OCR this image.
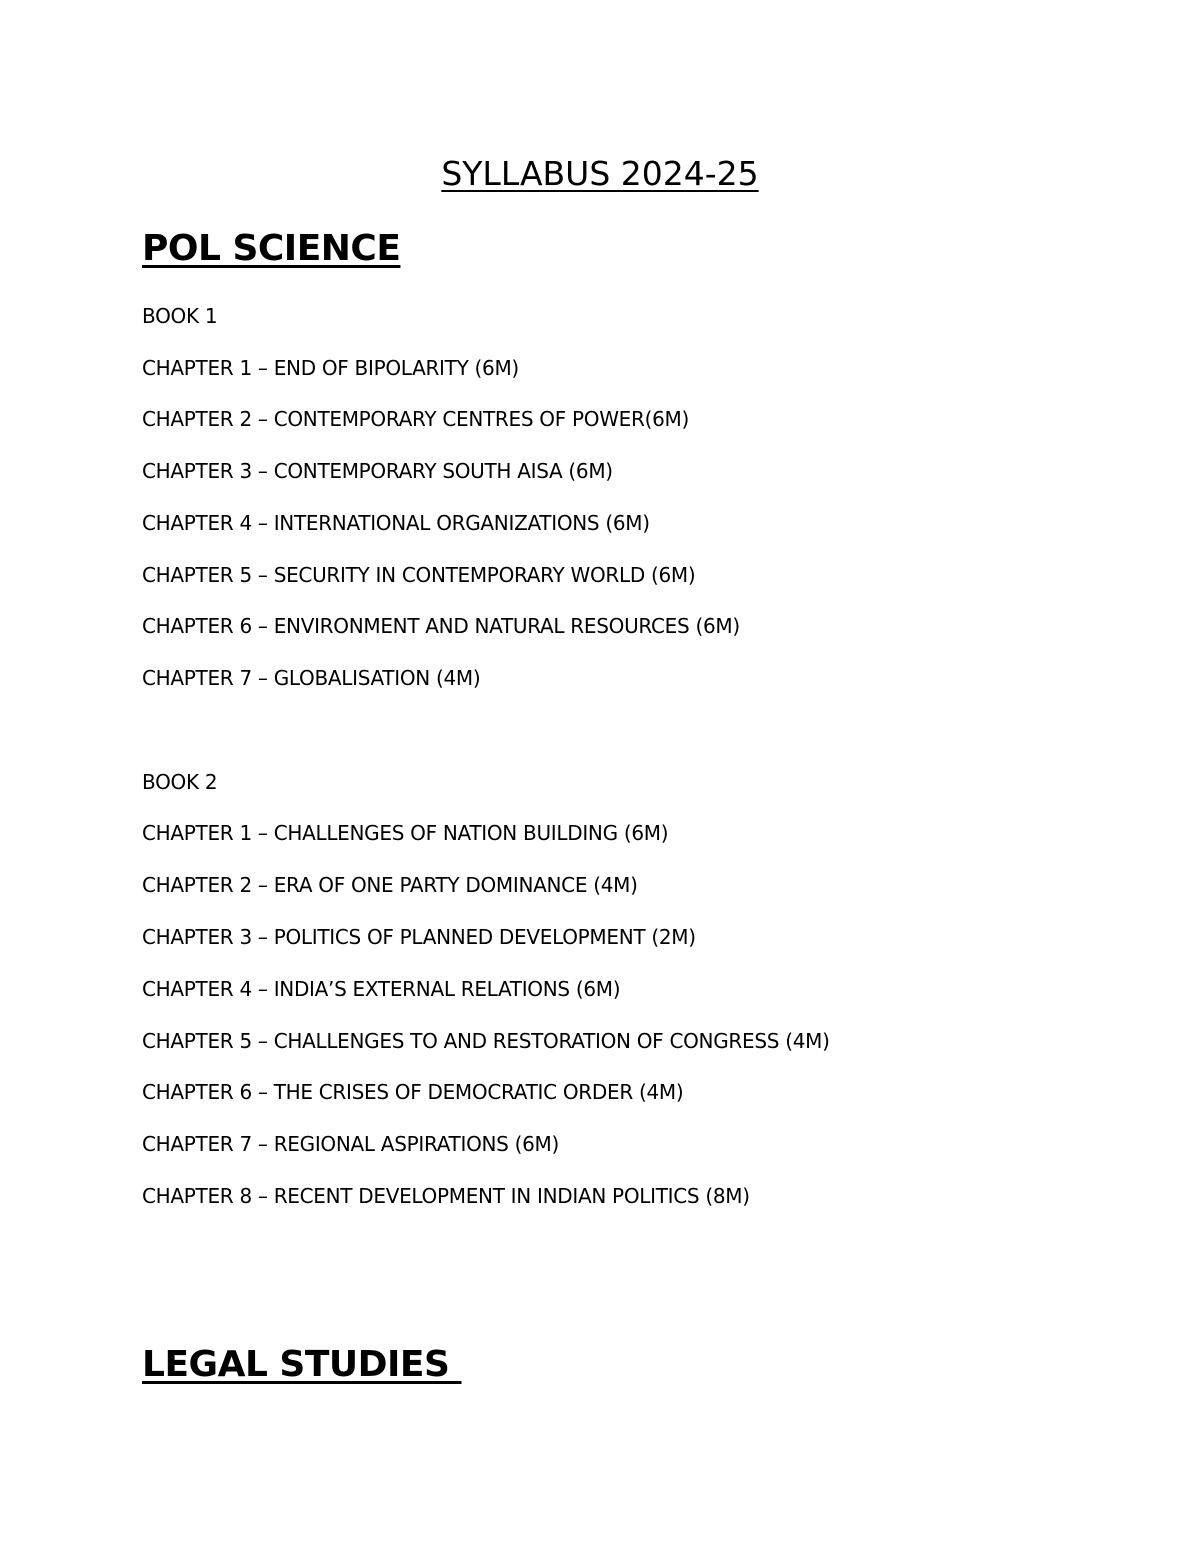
SYLLABUS 2024-25
POL SCIENCE

BOOK 1

CHAPTER 1 – END OF BIPOLARITY (6M)

CHAPTER 2 – CONTEMPORARY CENTRES OF POWER(6M)

CHAPTER 3 – CONTEMPORARY SOUTH AISA (6M)

CHAPTER 4 – INTERNATIONAL ORGANIZATIONS (6M)

CHAPTER 5 – SECURITY IN CONTEMPORARY WORLD (6M)

CHAPTER 6 – ENVIRONMENT AND NATURAL RESOURCES (6M)

CHAPTER 7 – GLOBALISATION (4M)

BOOK 2

CHAPTER 1 – CHALLENGES OF NATION BUILDING (6M)

CHAPTER 2 – ERA OF ONE PARTY DOMINANCE (4M)

CHAPTER 3 – POLITICS OF PLANNED DEVELOPMENT (2M)

CHAPTER 4 – INDIA’S EXTERNAL RELATIONS (6M)

CHAPTER 5 – CHALLENGES TO AND RESTORATION OF CONGRESS (4M)

CHAPTER 6 – THE CRISES OF DEMOCRATIC ORDER (4M)

CHAPTER 7 – REGIONAL ASPIRATIONS (6M)

CHAPTER 8 – RECENT DEVELOPMENT IN INDIAN POLITICS (8M)

LEGAL STUDIES
